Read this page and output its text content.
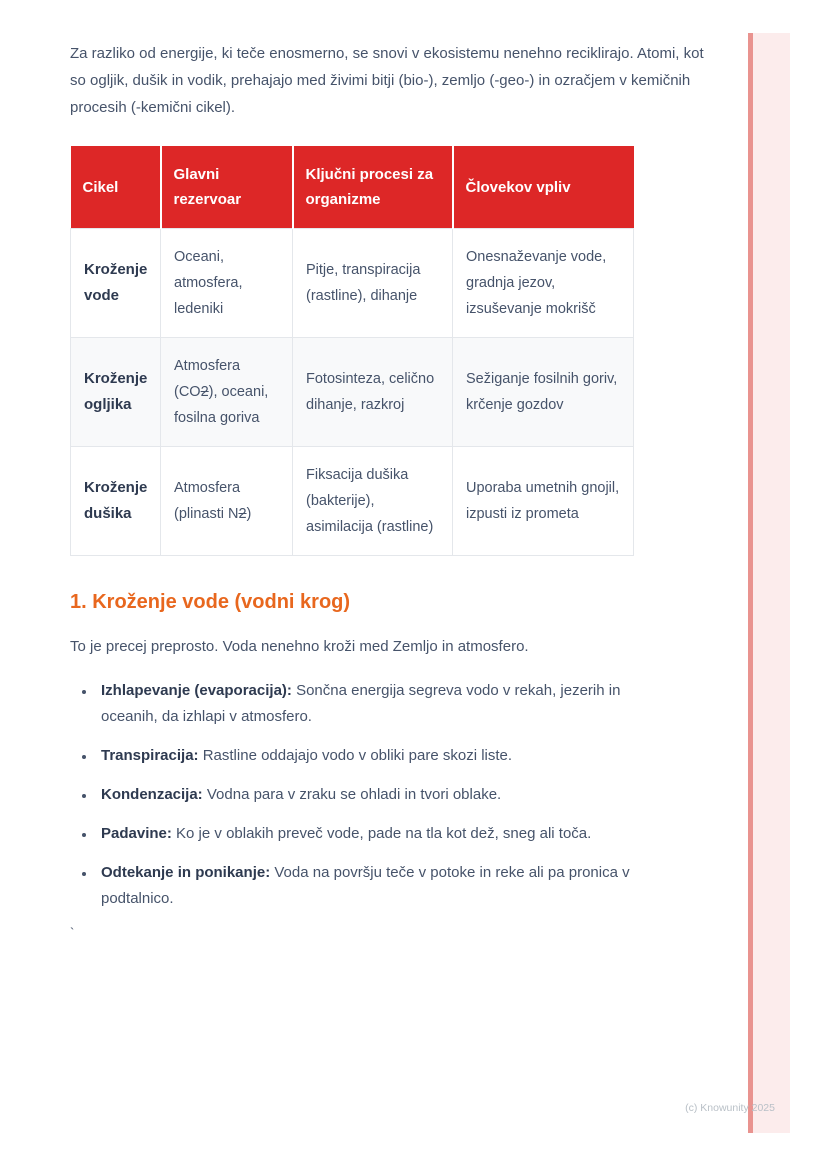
Za razliko od energije, ki teče enosmerno, se snovi v ekosistemu nenehno reciklirajo. Atomi, kot so ogljik, dušik in vodik, prehajajo med živimi bitji (bio-), zemljo (-geo-) in ozračjem v kemičnih procesih (-kemični cikel).

Cikel	Glavni rezervoar	Ključni procesi za organizme	Človekov vpliv
Kroženje vode	Oceani, atmosfera, ledeniki	Pitje, transpiracija (rastline), dihanje	Onesnaževanje vode, gradnja jezov, izsuševanje mokrišč
Kroženje ogljika	Atmosfera (CO2), oceani, fosilna goriva	Fotosinteza, celično dihanje, razkroj	Sežiganje fosilnih goriv, krčenje gozdov
Kroženje dušika	Atmosfera (plinasti N2)	Fiksacija dušika (bakterije), asimilacija (rastline)	Uporaba umetnih gnojil, izpusti iz prometa
1. Kroženje vode (vodni krog)

To je precej preprosto. Voda nenehno kroži med Zemljo in atmosfero.

• Izhlapevanje (evaporacija): Sončna energija segreva vodo v rekah, jezerih in oceanih, da izhlapi v atmosfero.
• Transpiracija: Rastline oddajajo vodo v obliki pare skozi liste.
• Kondenzacija: Vodna para v zraku se ohladi in tvori oblake.
• Padavine: Ko je v oblakih preveč vode, pade na tla kot dež, sneg ali toča.
• Odtekanje in ponikanje: Voda na površju teče v potoke in reke ali pa pronica v podtalnico.
`
(c) Knowunity 2025
